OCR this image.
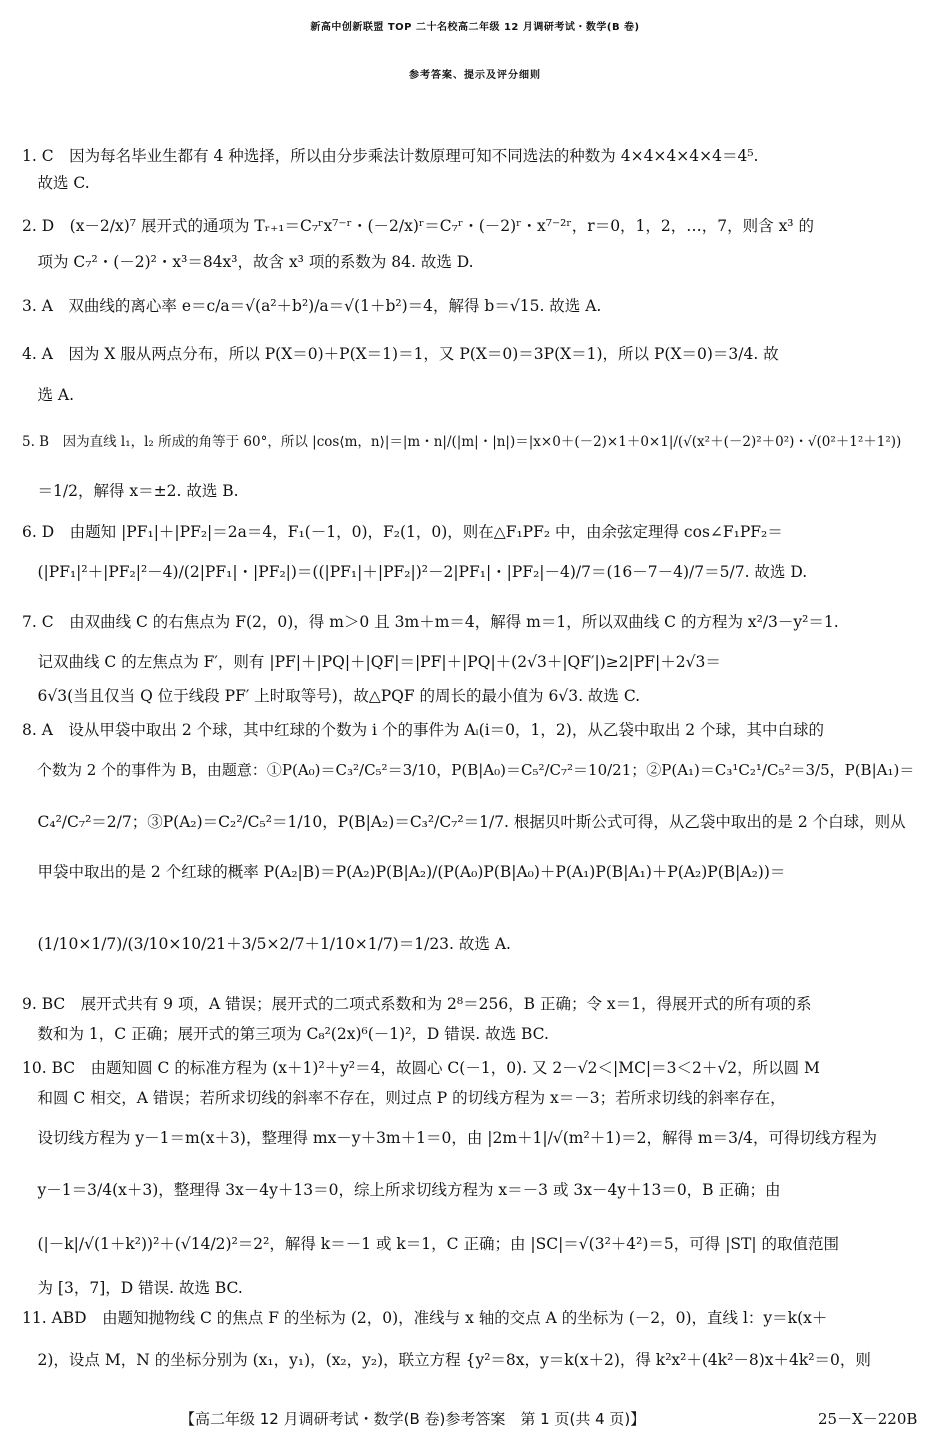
新高中创新联盟 TOP 二十名校高二年级 12 月调研考试・数学(B 卷)
参考答案、提示及评分细则
1. C　因为每名毕业生都有 4 种选择，所以由分步乘法计数原理可知不同选法的种数为 4×4×4×4×4＝4⁵.
　故选 C.
2. D　(x－2/x)⁷ 展开式的通项为 Tᵣ₊₁＝C₇ʳx⁷⁻ʳ・(－2/x)ʳ＝C₇ʳ・(－2)ʳ・x⁷⁻²ʳ，r＝0，1，2，…，7，则含 x³ 的
　项为 C₇²・(－2)²・x³＝84x³，故含 x³ 项的系数为 84. 故选 D.
3. A　双曲线的离心率 e＝c/a＝√(a²＋b²)/a＝√(1＋b²)＝4，解得 b＝√15. 故选 A.
4. A　因为 X 服从两点分布，所以 P(X＝0)＋P(X＝1)＝1，又 P(X＝0)＝3P(X＝1)，所以 P(X＝0)＝3/4. 故
　选 A.
5. B　因为直线 l₁，l₂ 所成的角等于 60°，所以 |cos⟨m，n⟩|＝|m・n|/(|m|・|n|)＝|x×0＋(－2)×1＋0×1|/(√(x²＋(－2)²＋0²)・√(0²＋1²＋1²))
　＝1/2，解得 x＝±2. 故选 B.
6. D　由题知 |PF₁|＋|PF₂|＝2a＝4，F₁(－1，0)，F₂(1，0)，则在△F₁PF₂ 中，由余弦定理得 cos∠F₁PF₂＝
　(|PF₁|²＋|PF₂|²－4)/(2|PF₁|・|PF₂|)＝((|PF₁|＋|PF₂|)²－2|PF₁|・|PF₂|－4)/7＝(16－7－4)/7＝5/7. 故选 D.
7. C　由双曲线 C 的右焦点为 F(2，0)，得 m＞0 且 3m＋m＝4，解得 m＝1，所以双曲线 C 的方程为 x²/3－y²＝1.
　记双曲线 C 的左焦点为 F′，则有 |PF|＋|PQ|＋|QF|＝|PF|＋|PQ|＋(2√3＋|QF′|)≥2|PF|＋2√3＝
　6√3(当且仅当 Q 位于线段 PF′ 上时取等号)，故△PQF 的周长的最小值为 6√3. 故选 C.
8. A　设从甲袋中取出 2 个球，其中红球的个数为 i 个的事件为 Aᵢ(i＝0，1，2)，从乙袋中取出 2 个球，其中白球的
　个数为 2 个的事件为 B，由题意：①P(A₀)＝C₃²/C₅²＝3/10，P(B|A₀)＝C₅²/C₇²＝10/21；②P(A₁)＝C₃¹C₂¹/C₅²＝3/5，P(B|A₁)＝
　C₄²/C₇²＝2/7；③P(A₂)＝C₂²/C₅²＝1/10，P(B|A₂)＝C₃²/C₇²＝1/7. 根据贝叶斯公式可得，从乙袋中取出的是 2 个白球，则从
　甲袋中取出的是 2 个红球的概率 P(A₂|B)＝P(A₂)P(B|A₂)/(P(A₀)P(B|A₀)＋P(A₁)P(B|A₁)＋P(A₂)P(B|A₂))＝
　(1/10×1/7)/(3/10×10/21＋3/5×2/7＋1/10×1/7)＝1/23. 故选 A.
9. BC　展开式共有 9 项，A 错误；展开式的二项式系数和为 2⁸＝256，B 正确；令 x＝1，得展开式的所有项的系
　数和为 1，C 正确；展开式的第三项为 C₈²(2x)⁶(－1)²，D 错误. 故选 BC.
10. BC　由题知圆 C 的标准方程为 (x＋1)²＋y²＝4，故圆心 C(－1，0). 又 2－√2＜|MC|＝3＜2＋√2，所以圆 M
　和圆 C 相交，A 错误；若所求切线的斜率不存在，则过点 P 的切线方程为 x＝－3；若所求切线的斜率存在，
　设切线方程为 y－1＝m(x＋3)，整理得 mx－y＋3m＋1＝0，由 |2m＋1|/√(m²＋1)＝2，解得 m＝3/4，可得切线方程为
　y－1＝3/4(x＋3)，整理得 3x－4y＋13＝0，综上所求切线方程为 x＝－3 或 3x－4y＋13＝0，B 正确；由
　(|－k|/√(1＋k²))²＋(√14/2)²＝2²，解得 k＝－1 或 k＝1，C 正确；由 |SC|＝√(3²＋4²)＝5，可得 |ST| 的取值范围
　为 [3，7]，D 错误. 故选 BC.
11. ABD　由题知抛物线 C 的焦点 F 的坐标为 (2，0)，准线与 x 轴的交点 A 的坐标为 (－2，0)，直线 l：y＝k(x＋
　2)，设点 M，N 的坐标分别为 (x₁，y₁)，(x₂，y₂)，联立方程 {y²＝8x，y＝k(x＋2)，得 k²x²＋(4k²－8)x＋4k²＝0，则
【高二年级 12 月调研考试・数学(B 卷)参考答案　第 1 页(共 4 页)】	25－X－220B
